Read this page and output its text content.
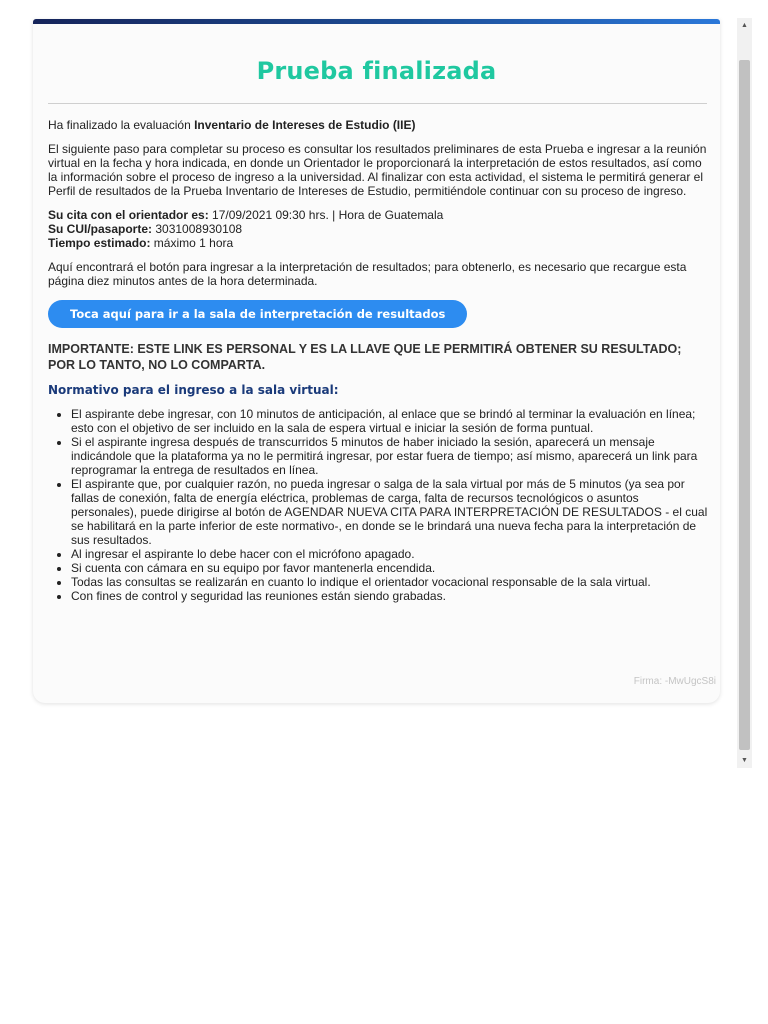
Prueba finalizada

Ha finalizado la evaluación Inventario de Intereses de Estudio (IIE)

El siguiente paso para completar su proceso es consultar los resultados preliminares de esta Prueba e ingresar a la reunión virtual en la fecha y hora indicada, en donde un Orientador le proporcionará la interpretación de estos resultados, así como la información sobre el proceso de ingreso a la universidad. Al finalizar con esta actividad, el sistema le permitirá generar el Perfil de resultados de la Prueba Inventario de Intereses de Estudio, permitiéndole continuar con su proceso de ingreso.

Su cita con el orientador es: 17/09/2021 09:30 hrs. | Hora de Guatemala
Su CUI/pasaporte: 3031008930108
Tiempo estimado: máximo 1 hora

Aquí encontrará el botón para ingresar a la interpretación de resultados; para obtenerlo, es necesario que recargue esta página diez minutos antes de la hora determinada.

Toca aquí para ir a la sala de interpretación de resultados

IMPORTANTE: ESTE LINK ES PERSONAL Y ES LA LLAVE QUE LE PERMITIRÁ OBTENER SU RESULTADO; POR LO TANTO, NO LO COMPARTA.

Normativo para el ingreso a la sala virtual:

• El aspirante debe ingresar, con 10 minutos de anticipación, al enlace que se brindó al terminar la evaluación en línea; esto con el objetivo de ser incluido en la sala de espera virtual e iniciar la sesión de forma puntual.
• Si el aspirante ingresa después de transcurridos 5 minutos de haber iniciado la sesión, aparecerá un mensaje indicándole que la plataforma ya no le permitirá ingresar, por estar fuera de tiempo; así mismo, aparecerá un link para reprogramar la entrega de resultados en línea.
• El aspirante que, por cualquier razón, no pueda ingresar o salga de la sala virtual por más de 5 minutos (ya sea por fallas de conexión, falta de energía eléctrica, problemas de carga, falta de recursos tecnológicos o asuntos personales), puede dirigirse al botón de AGENDAR NUEVA CITA PARA INTERPRETACIÓN DE RESULTADOS - el cual se habilitará en la parte inferior de este normativo-, en donde se le brindará una nueva fecha para la interpretación de sus resultados.
• Al ingresar el aspirante lo debe hacer con el micrófono apagado.
• Si cuenta con cámara en su equipo por favor mantenerla encendida.
• Todas las consultas se realizarán en cuanto lo indique el orientador vocacional responsable de la sala virtual.
• Con fines de control y seguridad las reuniones están siendo grabadas.
Firma: -MwUgcS8i
▲
▼
